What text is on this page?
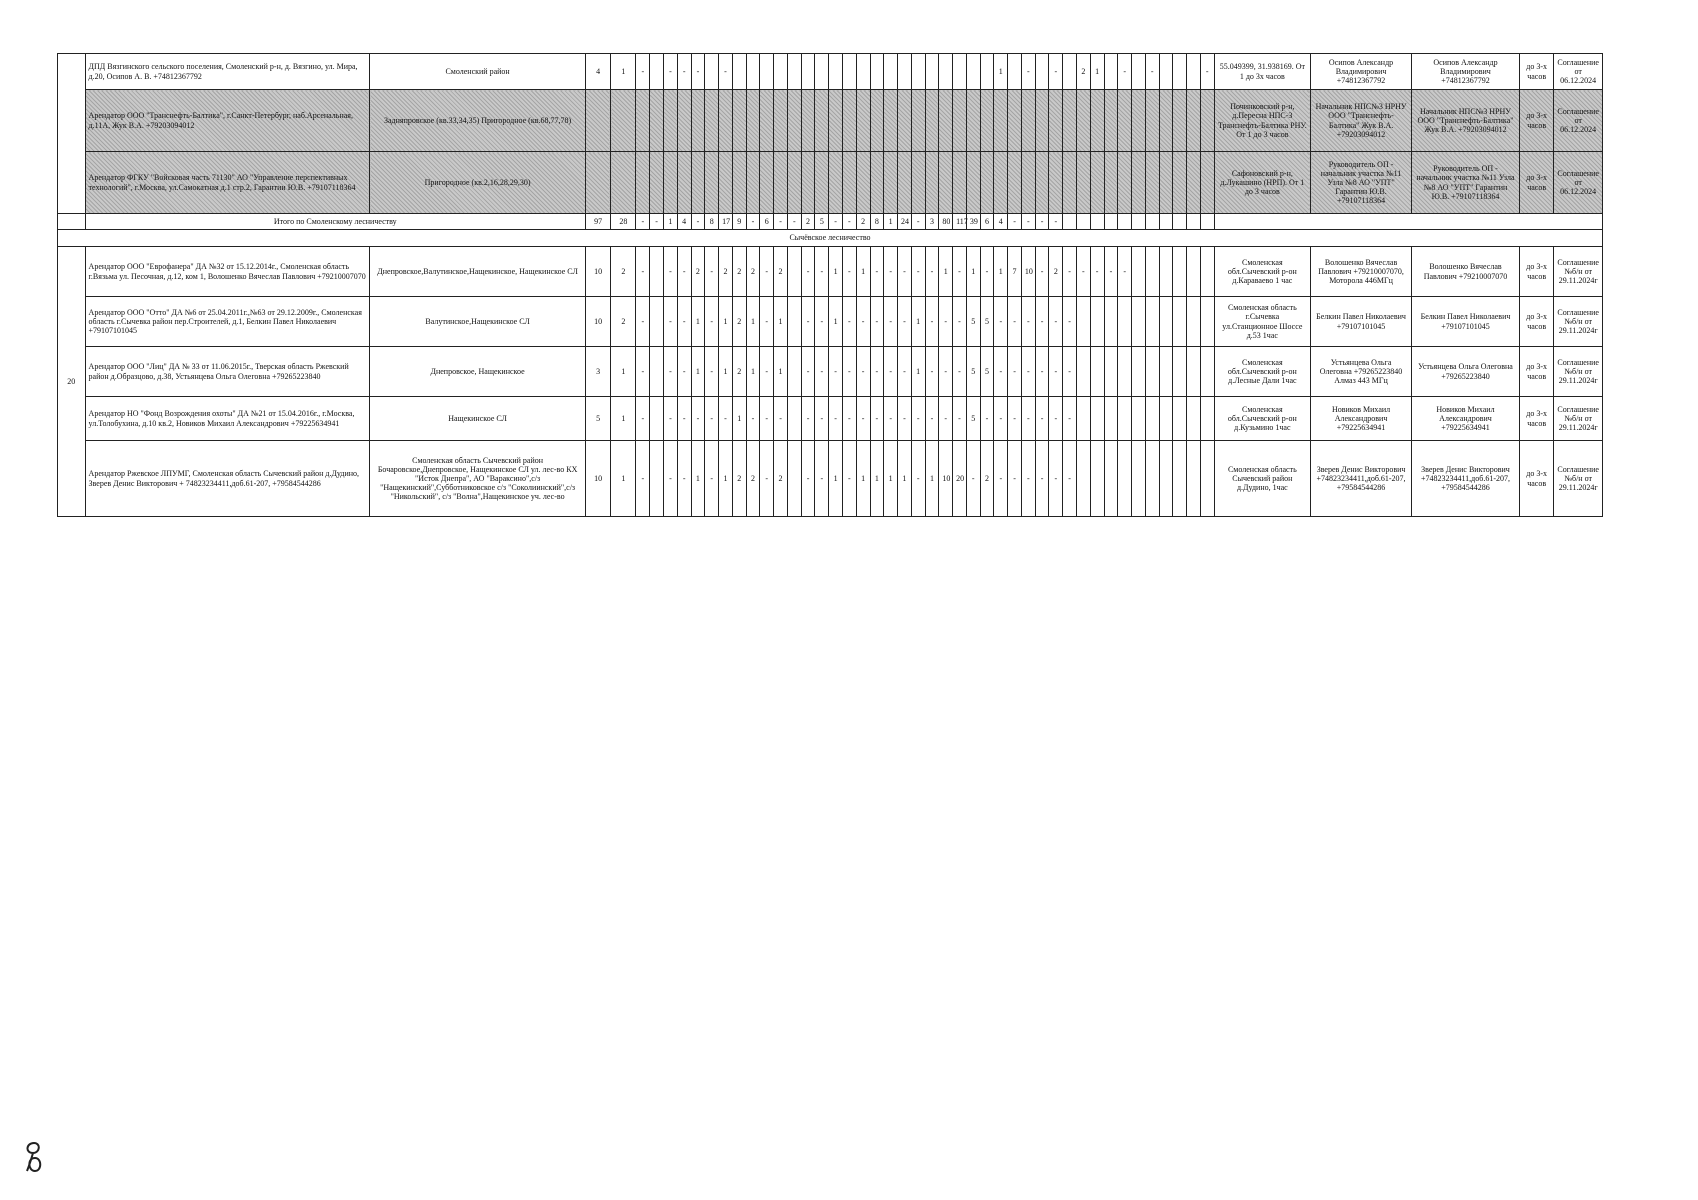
	ДПД Вязгинского сельского поселения, Смоленский р-н, д. Вязгино, ул. Мира, д.20, Осипов А. В. +74812367792	Смоленский район	4	1	-		-	-	-		-																				1		-		-		2	1		-		-				-	55.049399, 31.938169. От 1 до 3х часов	Осипов Александр Владимирович +74812367792	Осипов Александр Владимирович +74812367792	до 3-х часов	Соглашение от 06.12.2024
	Арендатор ООО "Транснефть-Балтика", г.Санкт-Петербург, наб.Арсенальная, д.11А, Жук В.А. +79203094012	Задняпровское (кв.33,34,35) Пригородное (кв.68,77,78)																																													Починковский р-н, д.Переснa НПС-3 Транснефть-Балтика РНУ. От 1 до 3 часов	Начальник НПС№3 НРНУ ООО "Транснефть-Балтика" Жук В.А. +79203094012	Начальник НПС№3 НРНУ ООО "Транснефть-Балтика" Жук В.А. +79203094012	до 3-х часов	Соглашение от 06.12.2024
	Арендатор ФГКУ "Войсковая часть 71130" АО "Управление перспективных технологий", г.Москва, ул.Самокатная д.1 стр.2, Гарантии Ю.В. +79107118364	Пригородное (кв.2,16,28,29,30)																																													Сафоновский р-н, д.Лукашино (НРП). От 1 до 3 часов	Руководитель ОП - начальник участка №11 Узла №8 АО "УПТ" Гарантин Ю.В. +79107118364	Руководитель ОП - начальник участка №11 Узла №8 АО "УПТ" Гарантин Ю.В. +79107118364	до 3-х часов	Соглашение от 06.12.2024
	Итого по Смоленскому лесничеству		97	28	-	-	1	4	-	8	17	9	-	6	-	-	2	5	-	-	2	8	1	24	-	3	80	117	39	6	4	-	-	-	-																
Сычёвское лесничество																																																			
20	Арендатор ООО "Еврофанера" ДА №32 от 15.12.2014г., Смоленская область г.Вязьма ул. Песочная, д.12, ком 1, Волошенко Вячеслав Павлович +79210007070	Днепровское,Валутинское,Нащекинское, Нащекинское СЛ	10	2	-		-	-	2	-	2	2	2	-	2		-	-	1	-	1	-	-	-	-	-	1	-	1	-	1	7	10	-	2	-	-	-	-	-							Смоленская обл.Сычевский р-он д.Караваево 1 час	Волошенко Вячеслав Павлович +79210007070, Моторола 446МГц	Волошенко Вячеслав Павлович +79210007070	до 3-х часов	Соглашение №б/н от 29.11.2024г
	Арендатор ООО "Отто" ДА №6 от 25.04.2011г.,№63 от 29.12.2009г., Смоленская область г.Сычевка район пер.Строителей, д.1, Белкин Павел Николаевич +79107101045	Валутинское,Нащекинское СЛ	10	2	-		-	-	1	-	1	2	1	-	1		-	-	1	-	-	-	-	-	1	-	-	-	5	5	-	-	-	-	-	-											Смоленская область г.Сычевка ул.Станционное Шоссе д.53 1час	Белкин Павел Николаевич +79107101045	Белкин Павел Николаевич +79107101045	до 3-х часов	Соглашение №б/н от 29.11.2024г
	Арендатор ООО "Лиц" ДА № 33 от 11.06.2015г., Тверская область Ржевский район д.Образцово, д.38, Устьянцева Ольга Олеговна +79265223840	Днепровское, Нащекинское	3	1	-		-	-	1	-	1	2	1	-	1		-	-	-	-	-	-	-	-	1	-	-	-	5	5	-	-	-	-	-	-											Смоленская обл.Сычевский р-он д.Лесные Дали 1час	Устьянцева Ольга Олеговна +79265223840 Алмаз 443 МГц	Устьянцева Ольга Олеговна +79265223840	до 3-х часов	Соглашение №б/н от 29.11.2024г
	Арендатор НО "Фонд Возрождения охоты" ДА №21 от 15.04.2016г., г.Москва, ул.Толобухина, д.10 кв.2, Новиков Михаил Александрович +79225634941	Нащекинское СЛ	5	1	-		-	-	-	-	-	1	-	-	-		-	-	-	-	-	-	-	-	-	-	-	-	5	-	-	-	-	-	-	-											Смоленская обл.Сычевский р-он д.Кузьмино 1час	Новиков Михаил Александрович +79225634941	Новиков Михаил Александрович +79225634941	до 3-х часов	Соглашение №б/н от 29.11.2024г
	Арендатор Ржевское ЛПУМГ, Смоленская область Сычевский район д.Дудино, Зверев Денис Викторович + 74823234411,доб.61-207, +79584544286	Смоленская область Сычевский район Бочаровское,Днепровское, Нащекинское СЛ ул. лес-во КХ "Исток Днепра", АО "Вараксино",с/з "Нащекинский",Субботниковское с/з "Соколиинский",с/з "Никольский", с/з "Волна",Нащекинское уч. лес-во	10	1	-		-	-	1	-	1	2	2	-	2		-	-	1	-	1	1	1	1	-	1	10	20	-	2	-	-	-	-	-	-											Смоленская область Сычевский район д.Дудино, 1час	Зверев Денис Викторович +74823234411,доб.61-207, +79584544286	Зверев Денис Викторович +74823234411,доб.61-207, +79584544286	до 3-х часов	Соглашение №б/н от 29.11.2024г
